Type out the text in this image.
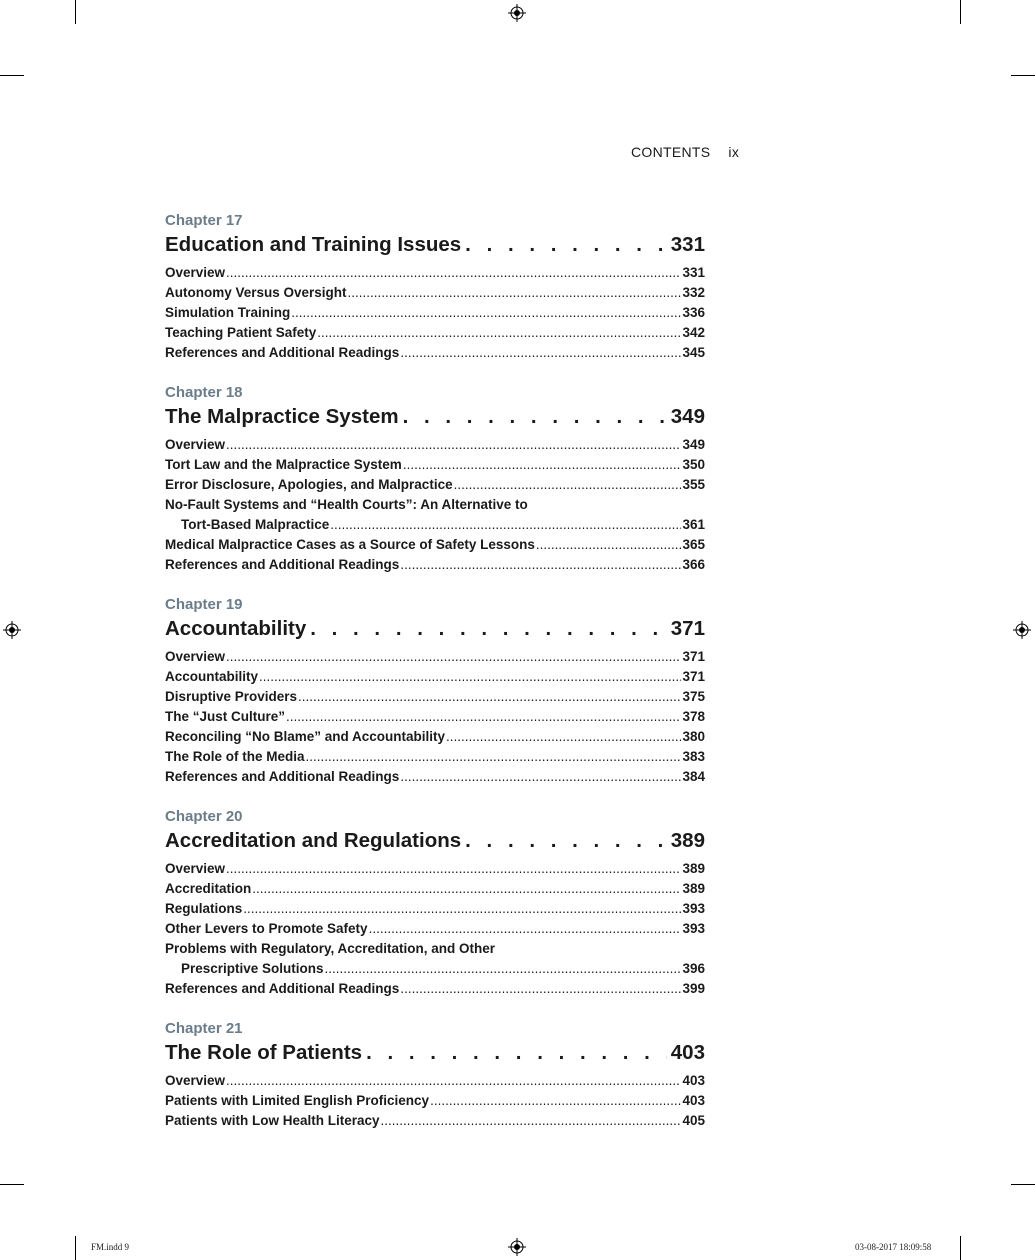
FM.indd 9	03-08-2017 18:09:58
CONTENTS ix
Chapter 17
Education and Training Issues . . .	331
Overview .....	331
Autonomy Versus Oversight .....	332
Simulation Training .....	336
Teaching Patient Safety .....	342
References and Additional Readings .....	345
Chapter 18
The Malpractice System . . .	349
Overview .....	349
Tort Law and the Malpractice System .....	350
Error Disclosure, Apologies, and Malpractice .....	355
No-Fault Systems and “Health Courts”: An Alternative to
Tort-Based Malpractice .....	361
Medical Malpractice Cases as a Source of Safety Lessons .....	365
References and Additional Readings .....	366
Chapter 19
Accountability . . .	371
Overview .....	371
Accountability .....	371
Disruptive Providers .....	375
The “Just Culture” .....	378
Reconciling “No Blame” and Accountability .....	380
The Role of the Media .....	383
References and Additional Readings .....	384
Chapter 20
Accreditation and Regulations . . .	389
Overview .....	389
Accreditation .....	389
Regulations .....	393
Other Levers to Promote Safety .....	393
Problems with Regulatory, Accreditation, and Other
Prescriptive Solutions .....	396
References and Additional Readings .....	399
Chapter 21
The Role of Patients . . .	403
Overview .....	403
Patients with Limited English Proficiency .....	403
Patients with Low Health Literacy .....	405
